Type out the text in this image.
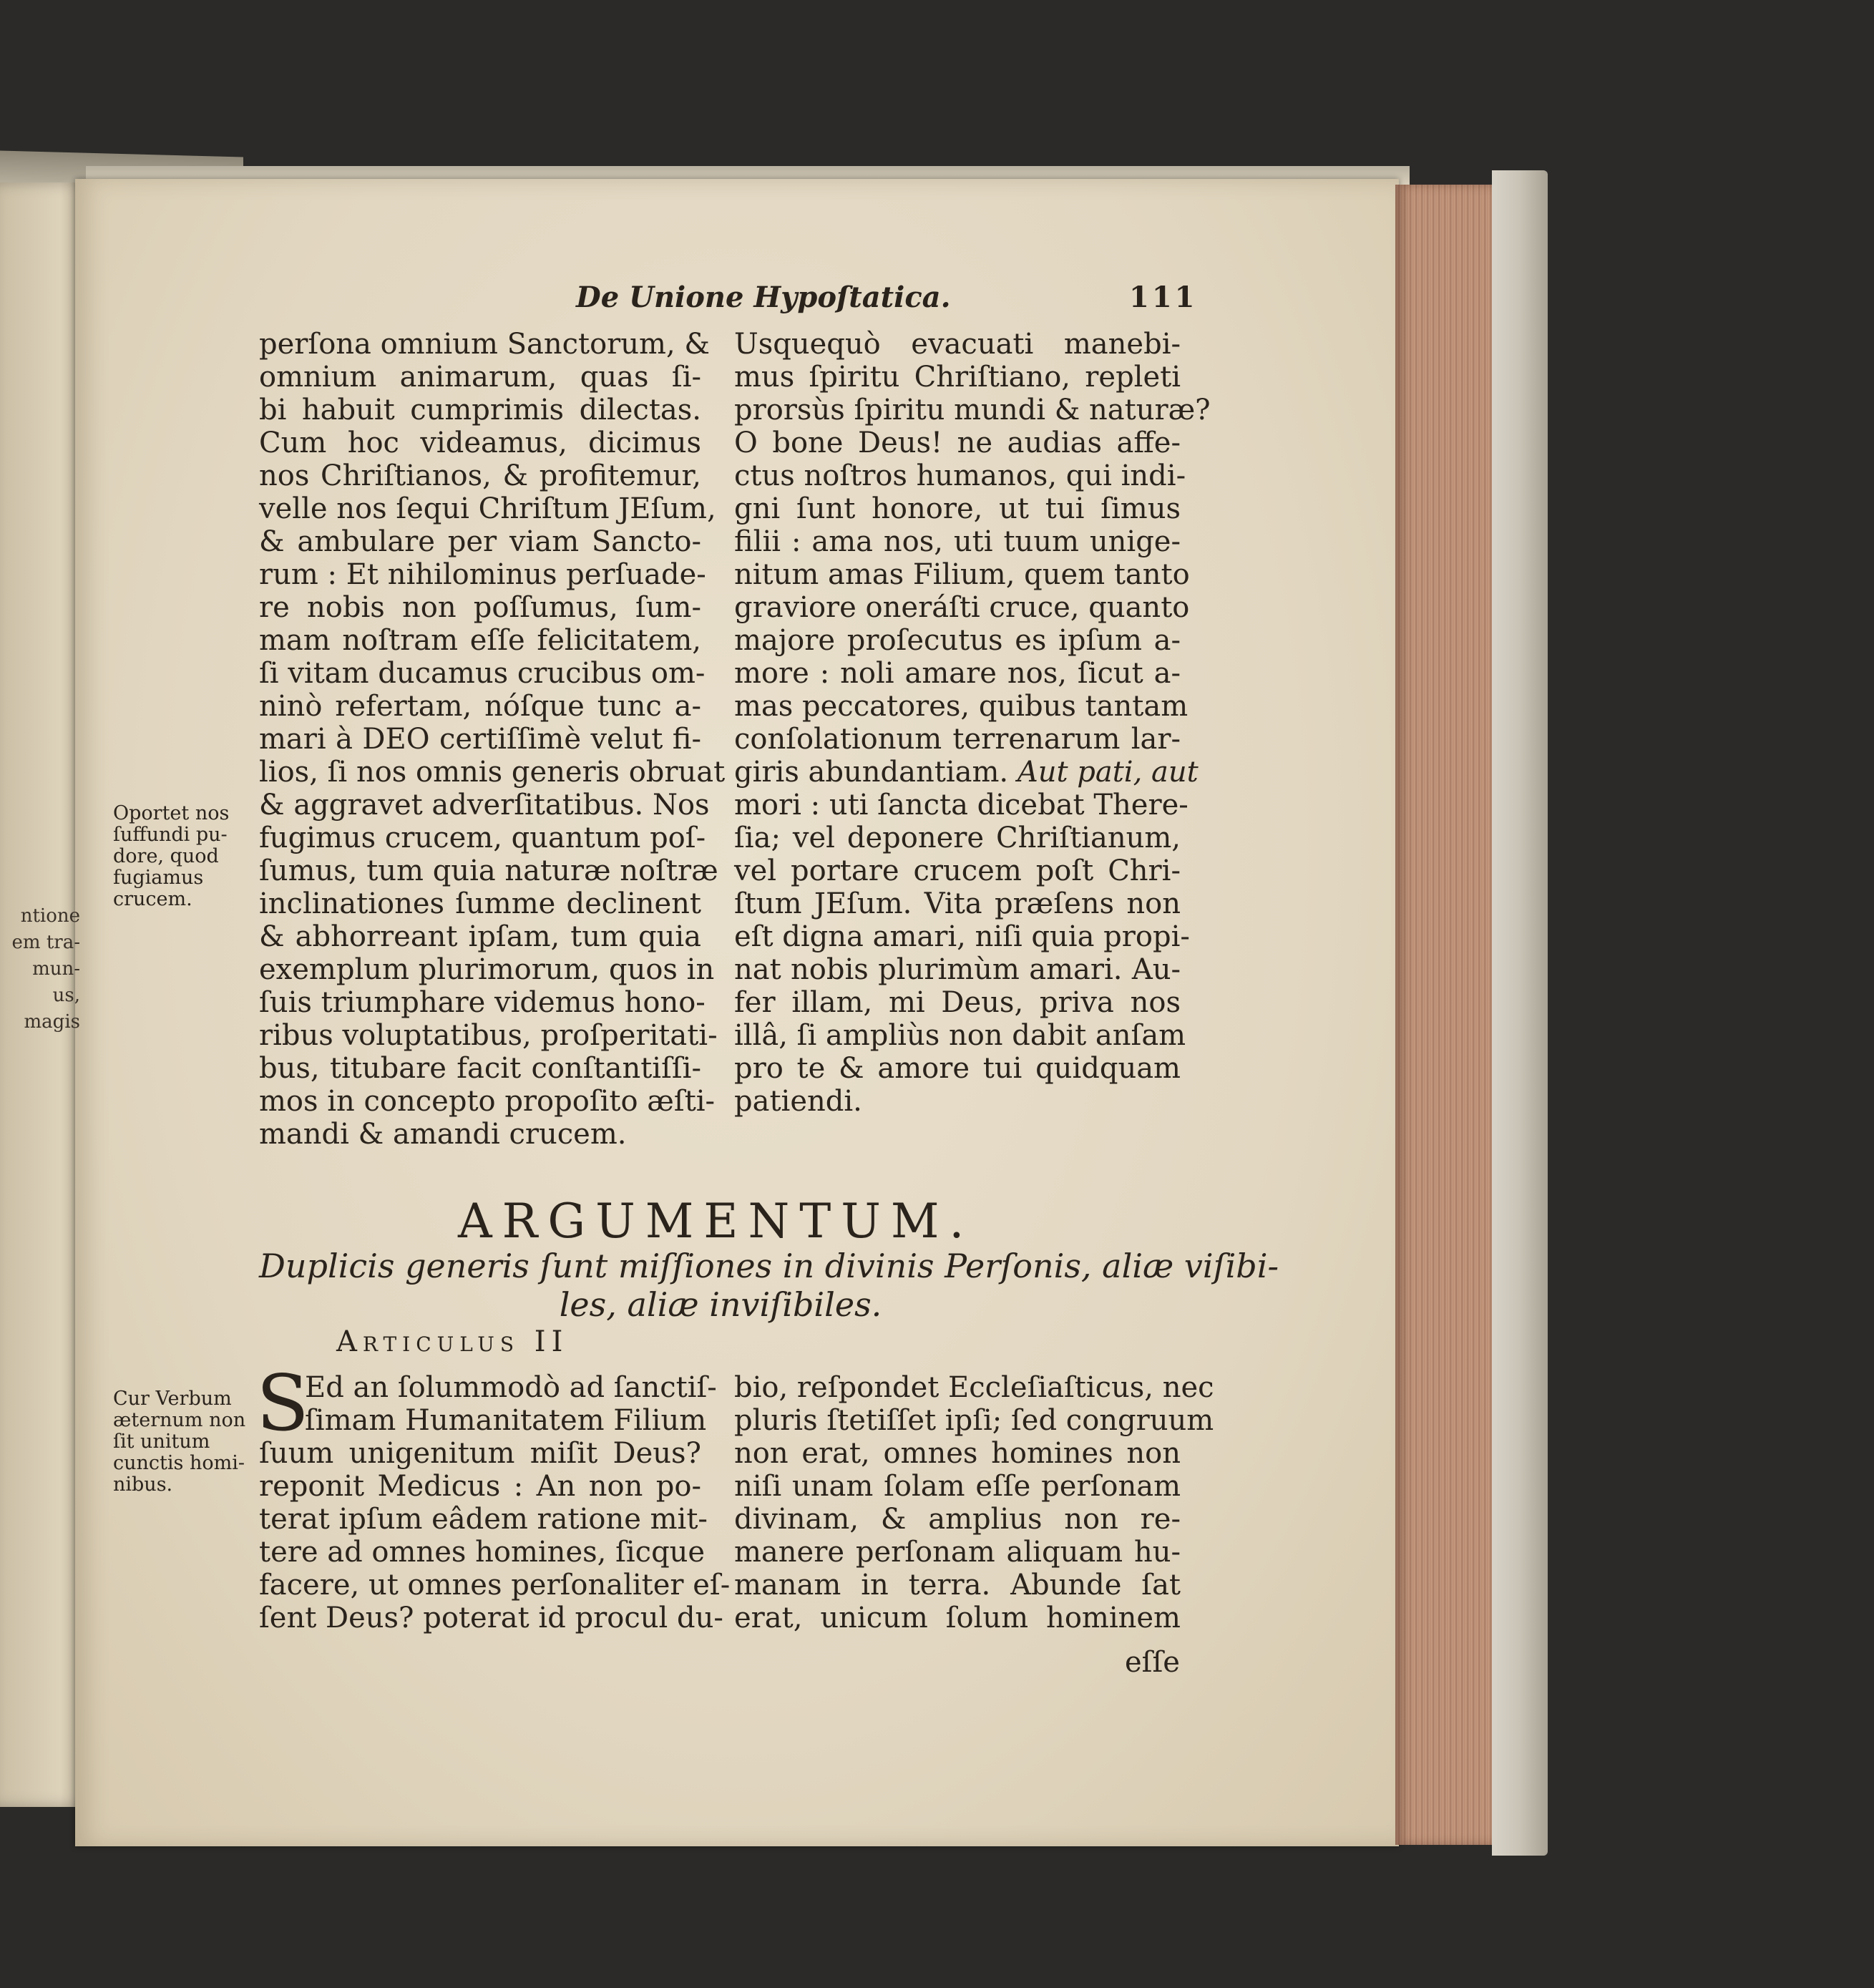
De Unione Hypoſtatica.	111
ntione
em tra-
mun-
us,
magis
perſona omnium Sanctorum, &
omnium animarum, quas ſi-
bi habuit cumprimis dilectas.
Cum hoc videamus, dicimus
nos Chriſtianos, & profitemur,
velle nos ſequi Chriſtum JEſum,
& ambulare per viam Sancto-
rum : Et nihilominus perſuade-
re nobis non poſſumus, ſum-
mam noſtram eſſe felicitatem,
ſi vitam ducamus crucibus om-
ninò refertam, nóſque tunc a-
mari à DEO certiſſimè velut fi-
lios, ſi nos omnis generis obruat
& aggravet adverſitatibus. Nos
fugimus crucem, quantum poſ-
ſumus, tum quia naturæ noſtræ
inclinationes ſumme declinent
& abhorreant ipſam, tum quia
exemplum plurimorum, quos in
ſuis triumphare videmus hono-
ribus voluptatibus, proſperitati-
bus, titubare facit conſtantiſſi-
mos in concepto propoſito æſti-
mandi & amandi crucem.
Oportet nos
ſuffundi pu-
dore, quod
fugiamus
crucem.
Usquequò evacuati manebi-
mus ſpiritu Chriſtiano, repleti
prorsùs ſpiritu mundi & naturæ?
O bone Deus! ne audias affe-
ctus noſtros humanos, qui indi-
gni ſunt honore, ut tui ſimus
filii : ama nos, uti tuum unige-
nitum amas Filium, quem tanto
graviore oneráſti cruce, quanto
majore proſecutus es ipſum a-
more : noli amare nos, ſicut a-
mas peccatores, quibus tantam
conſolationum terrenarum lar-
giris abundantiam. Aut pati, aut
mori : uti ſancta dicebat There-
ſia; vel deponere Chriſtianum,
vel portare crucem poſt Chri-
ſtum JEſum. Vita præſens non
eſt digna amari, niſi quia propi-
nat nobis plurimùm amari. Au-
fer illam, mi Deus, priva nos
illâ, ſi ampliùs non dabit anſam
pro te & amore tui quidquam
patiendi.
ARGUMENTUM.
Duplicis generis ſunt miſſiones in divinis Perſonis, aliæ viſibi-
les, aliæ inviſibiles.
Articulus II
S
Ed an ſolummodò ad ſanctiſ-
ſimam Humanitatem Filium
ſuum unigenitum miſit Deus?
reponit Medicus : An non po-
terat ipſum eâdem ratione mit-
tere ad omnes homines, ſicque
facere, ut omnes perſonaliter eſ-
ſent Deus? poterat id procul du-
Cur Verbum
æternum non
ſit unitum
cunctis homi-
nibus.
bio, reſpondet Eccleſiaſticus, nec
pluris ſtetiſſet ipſi; ſed congruum
non erat, omnes homines non
niſi unam ſolam eſſe perſonam
divinam, & amplius non re-
manere perſonam aliquam hu-
manam in terra. Abunde ſat
erat, unicum ſolum hominem
eſſe
